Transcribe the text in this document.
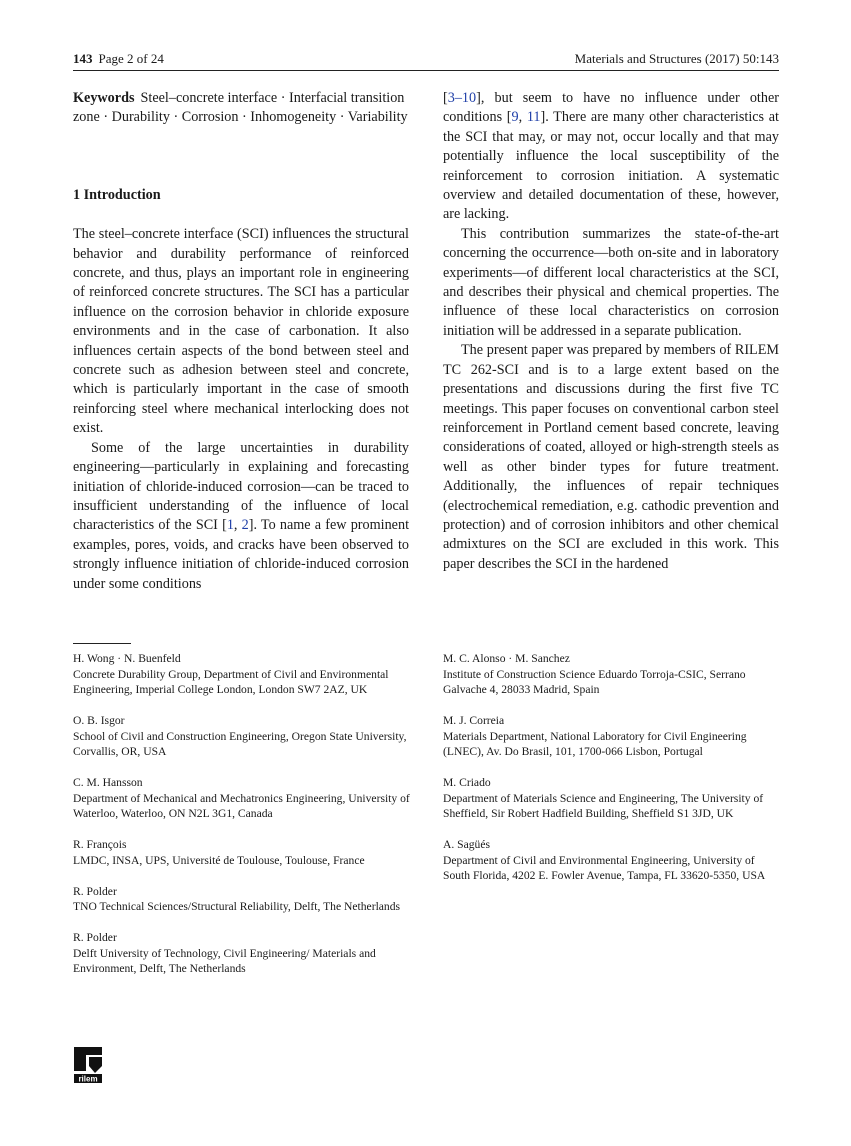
143 Page 2 of 24	Materials and Structures (2017) 50:143

Keywords Steel–concrete interface · Interfacial transition zone · Durability · Corrosion · Inhomogeneity · Variability

1 Introduction

The steel–concrete interface (SCI) influences the structural behavior and durability performance of reinforced concrete, and thus, plays an important role in engineering of reinforced concrete structures. The SCI has a particular influence on the corrosion behavior in chloride exposure environments and in the case of carbonation. It also influences certain aspects of the bond between steel and concrete such as adhesion between steel and concrete, which is particularly important in the case of smooth reinforcing steel where mechanical interlocking does not exist.

Some of the large uncertainties in durability engineering—particularly in explaining and forecasting initiation of chloride-induced corrosion—can be traced to insufficient understanding of the influence of local characteristics of the SCI [1, 2]. To name a few prominent examples, pores, voids, and cracks have been observed to strongly influence initiation of chloride-induced corrosion under some conditions

[3–10], but seem to have no influence under other conditions [9, 11]. There are many other characteristics at the SCI that may, or may not, occur locally and that may potentially influence the local susceptibility of the reinforcement to corrosion initiation. A systematic overview and detailed documentation of these, however, are lacking.

This contribution summarizes the state-of-the-art concerning the occurrence—both on-site and in laboratory experiments—of different local characteristics at the SCI, and describes their physical and chemical properties. The influence of these local characteristics on corrosion initiation will be addressed in a separate publication.

The present paper was prepared by members of RILEM TC 262-SCI and is to a large extent based on the presentations and discussions during the first five TC meetings. This paper focuses on conventional carbon steel reinforcement in Portland cement based concrete, leaving considerations of coated, alloyed or high-strength steels as well as other binder types for future treatment. Additionally, the influences of repair techniques (electrochemical remediation, e.g. cathodic prevention and protection) and of corrosion inhibitors and other chemical admixtures on the SCI are excluded in this work. This paper describes the SCI in the hardened

H. Wong · N. Buenfeld
Concrete Durability Group, Department of Civil and Environmental Engineering, Imperial College London, London SW7 2AZ, UK
O. B. Isgor
School of Civil and Construction Engineering, Oregon State University, Corvallis, OR, USA
C. M. Hansson
Department of Mechanical and Mechatronics Engineering, University of Waterloo, Waterloo, ON N2L 3G1, Canada
R. François
LMDC, INSA, UPS, Université de Toulouse, Toulouse, France
R. Polder
TNO Technical Sciences/Structural Reliability, Delft, The Netherlands
R. Polder
Delft University of Technology, Civil Engineering/ Materials and Environment, Delft, The Netherlands
M. C. Alonso · M. Sanchez
Institute of Construction Science Eduardo Torroja-CSIC, Serrano Galvache 4, 28033 Madrid, Spain
M. J. Correia
Materials Department, National Laboratory for Civil Engineering (LNEC), Av. Do Brasil, 101, 1700-066 Lisbon, Portugal
M. Criado
Department of Materials Science and Engineering, The University of Sheffield, Sir Robert Hadfield Building, Sheffield S1 3JD, UK
A. Sagüés
Department of Civil and Environmental Engineering, University of South Florida, 4202 E. Fowler Avenue, Tampa, FL 33620-5350, USA
rilem
